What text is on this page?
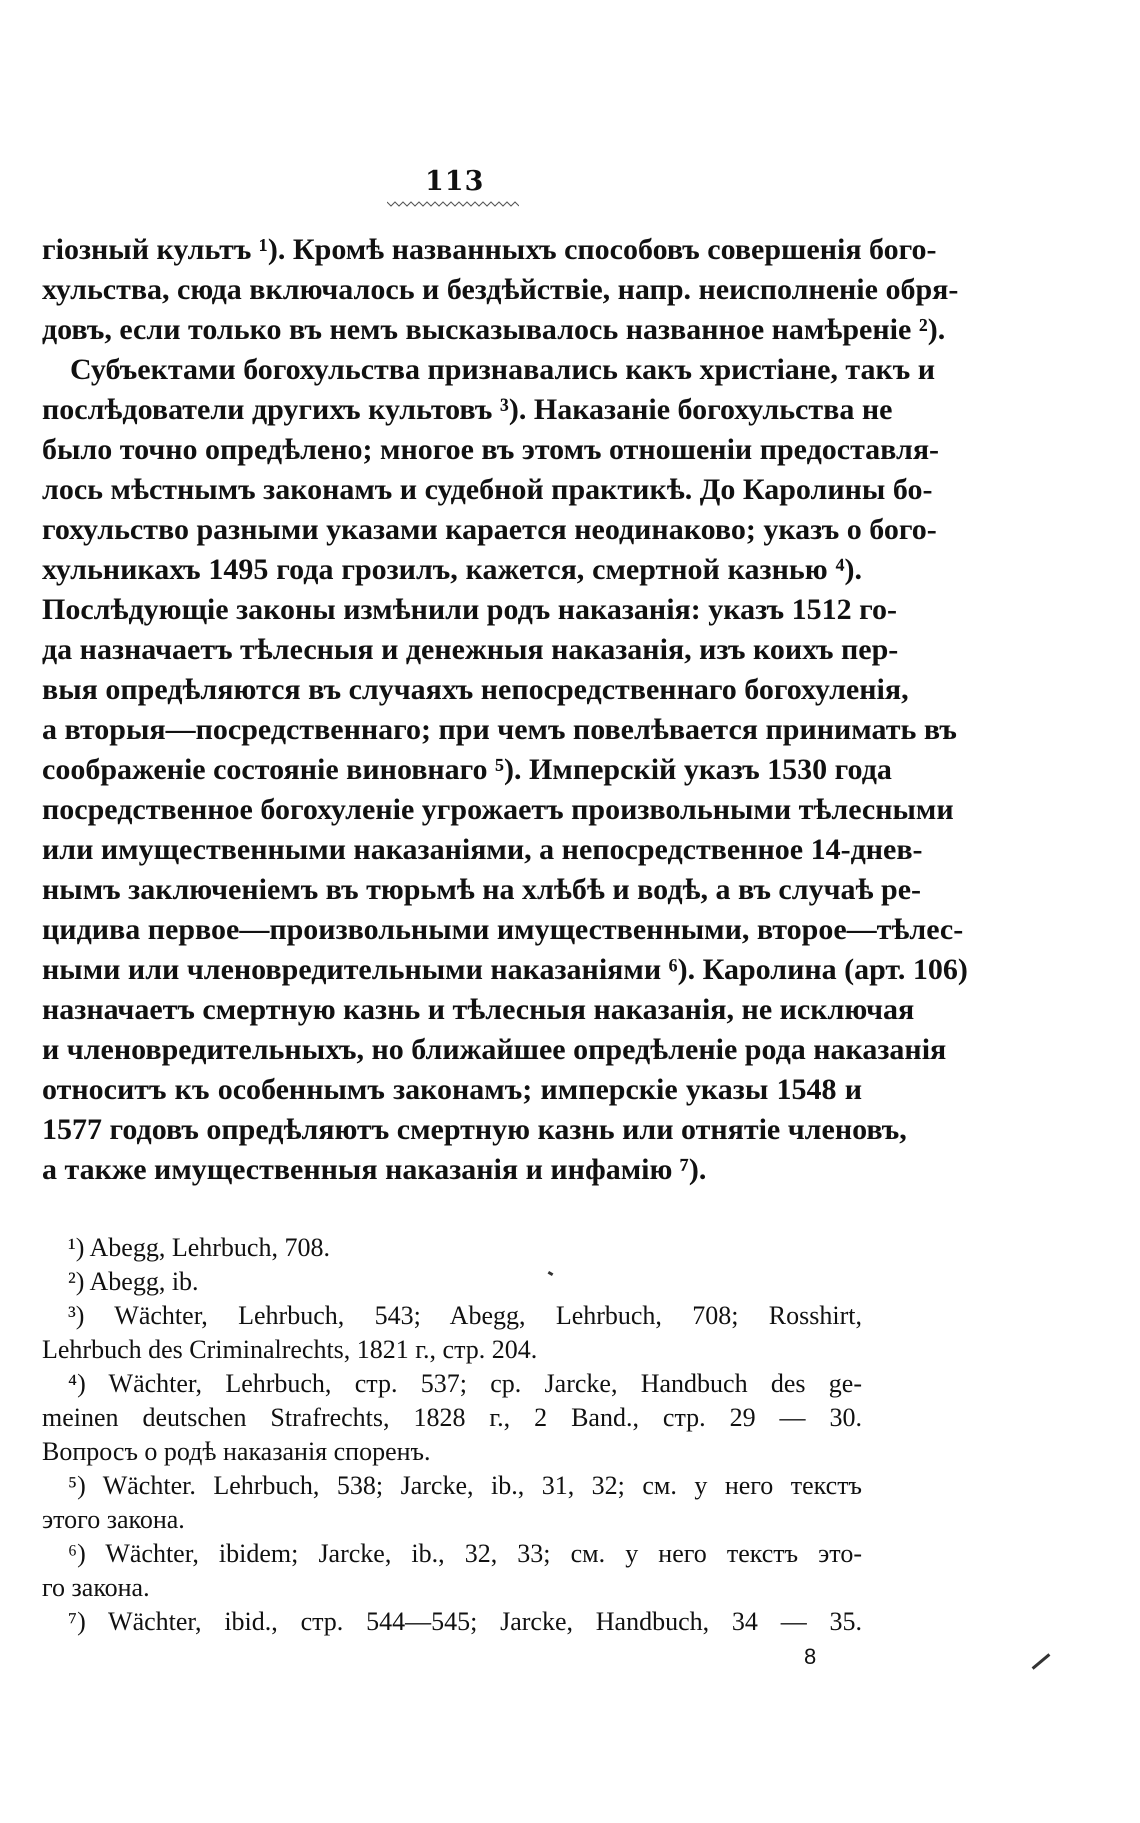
113
гіозный культъ ¹). Кромѣ названныхъ способовъ совершенія бого-
хульства, сюда включалось и бездѣйствіе, напр. неисполненіе обря-
довъ, если только въ немъ высказывалось названное намѣреніе ²).
Субъектами богохульства признавались какъ христіане, такъ и
послѣдователи другихъ культовъ ³). Наказаніе богохульства не
было точно опредѣлено; многое въ этомъ отношеніи предоставля-
лось мѣстнымъ законамъ и судебной практикѣ. До Каролины бо-
гохульство разными указами карается неодинаково; указъ о бого-
хульникахъ 1495 года грозилъ, кажется, смертной казнью ⁴).
Послѣдующіе законы измѣнили родъ наказанія: указъ 1512 го-
да назначаетъ тѣлесныя и денежныя наказанія, изъ коихъ пер-
выя опредѣляются въ случаяхъ непосредственнаго богохуленія,
а вторыя—посредственнаго; при чемъ повелѣвается принимать въ
соображеніе состояніе виновнаго ⁵). Имперскій указъ 1530 года
посредственное богохуленіе угрожаетъ произвольными тѣлесными
или имущественными наказаніями, а непосредственное 14-днев-
нымъ заключеніемъ въ тюрьмѣ на хлѣбѣ и водѣ, а въ случаѣ ре-
цидива первое—произвольными имущественными, второе—тѣлес-
ными или членовредительными наказаніями ⁶). Каролина (арт. 106)
назначаетъ смертную казнь и тѣлесныя наказанія, не исключая
и членовредительныхъ, но ближайшее опредѣленіе рода наказанія
относитъ къ особеннымъ законамъ; имперскіе указы 1548 и
1577 годовъ опредѣляютъ смертную казнь или отнятіе членовъ,
а также имущественныя наказанія и инфамію ⁷).
¹) Abegg, Lehrbuch, 708.
²) Abegg, ib.
³) Wächter, Lehrbuch, 543; Abegg, Lehrbuch, 708; Rosshirt,
Lehrbuch des Criminalrechts, 1821 г., стр. 204.
⁴) Wächter, Lehrbuch, стр. 537; ср. Jarcke, Handbuch des ge-
meinen deutschen Strafrechts, 1828 г., 2 Band., стр. 29 — 30.
Вопросъ о родѣ наказанія споренъ.
⁵) Wächter. Lehrbuch, 538; Jarcke, ib., 31, 32; см. у него текстъ
этого закона.
⁶) Wächter, ibidem; Jarcke, ib., 32, 33; см. у него текстъ это-
го закона.
⁷) Wächter, ibid., стр. 544—545; Jarcke, Handbuch, 34 — 35.
8
